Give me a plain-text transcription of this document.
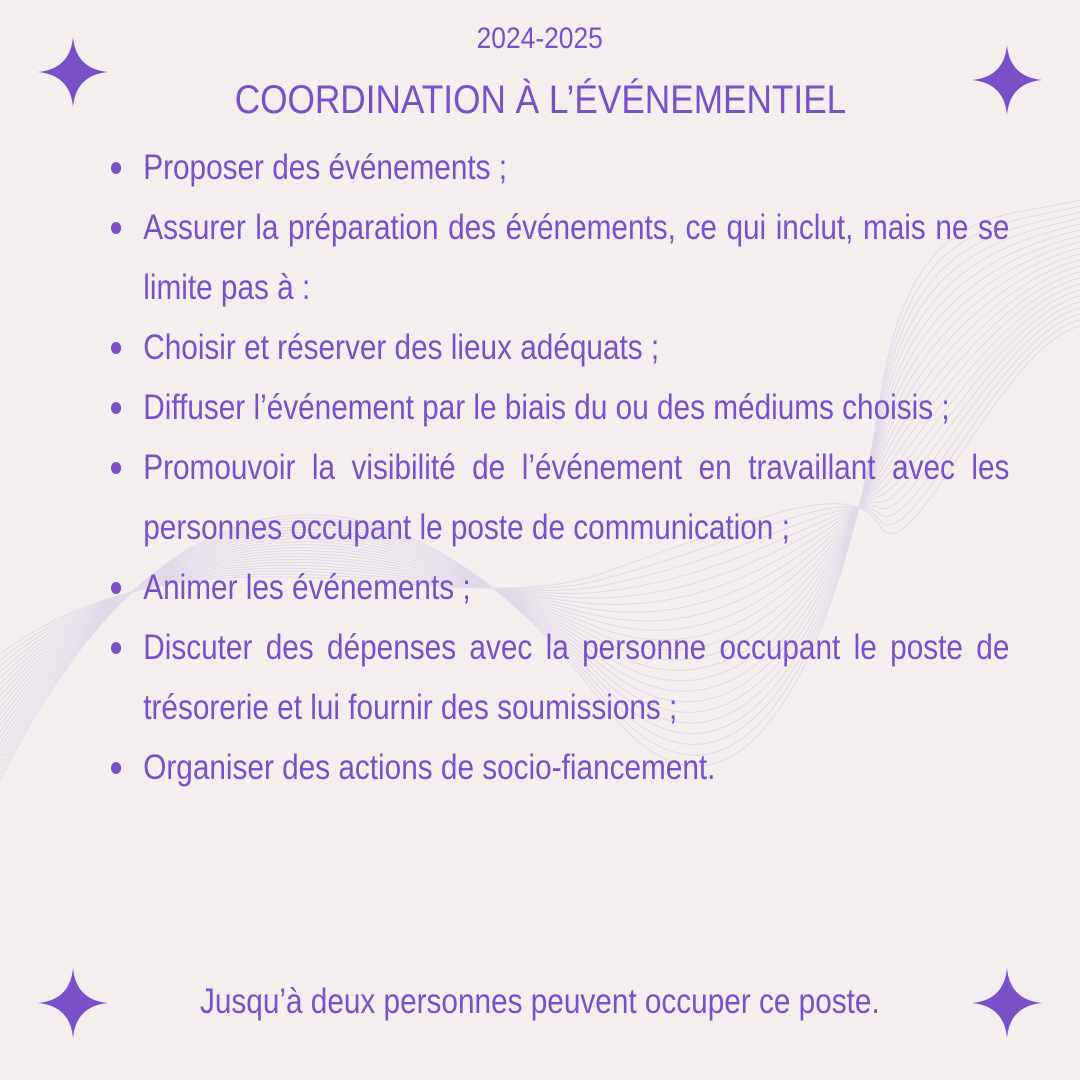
2024-2025
COORDINATION À L’ÉVÉNEMENTIEL
Proposer des événements ;
Assurer la préparation des événements, ce qui inclut, mais ne se limite pas à :
Choisir et réserver des lieux adéquats ;
Diffuser l’événement par le biais du ou des médiums choisis ;
Promouvoir la visibilité de l’événement en travaillant avec les personnes occupant le poste de communication ;
Animer les événements ;
Discuter des dépenses avec la personne occupant le poste de trésorerie et lui fournir des soumissions ;
Organiser des actions de socio-fiancement.
Jusqu’à deux personnes peuvent occuper ce poste.
